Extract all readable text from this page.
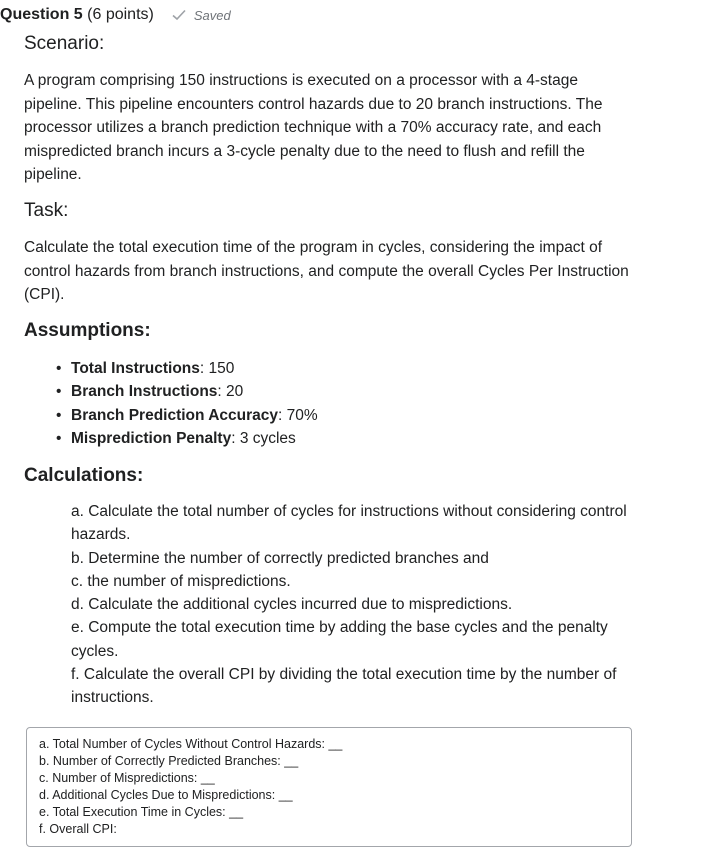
Question 5 (6 points)	Saved
Scenario:

A program comprising 150 instructions is executed on a processor with a 4-stage pipeline. This pipeline encounters control hazards due to 20 branch instructions. The processor utilizes a branch prediction technique with a 70% accuracy rate, and each mispredicted branch incurs a 3-cycle penalty due to the need to flush and refill the pipeline.

Task:

Calculate the total execution time of the program in cycles, considering the impact of control hazards from branch instructions, and compute the overall Cycles Per Instruction (CPI).

Assumptions:
• Total Instructions: 150
• Branch Instructions: 20
• Branch Prediction Accuracy: 70%
• Misprediction Penalty: 3 cycles
Calculations:
a. Calculate the total number of cycles for instructions without considering control hazards.
b. Determine the number of correctly predicted branches and
c. the number of mispredictions.
d. Calculate the additional cycles incurred due to mispredictions.
e. Compute the total execution time by adding the base cycles and the penalty cycles.
f. Calculate the overall CPI by dividing the total execution time by the number of instructions.
a. Total Number of Cycles Without Control Hazards: __
b. Number of Correctly Predicted Branches: __
c. Number of Mispredictions: __
d. Additional Cycles Due to Mispredictions: __
e. Total Execution Time in Cycles: __
f. Overall CPI:
